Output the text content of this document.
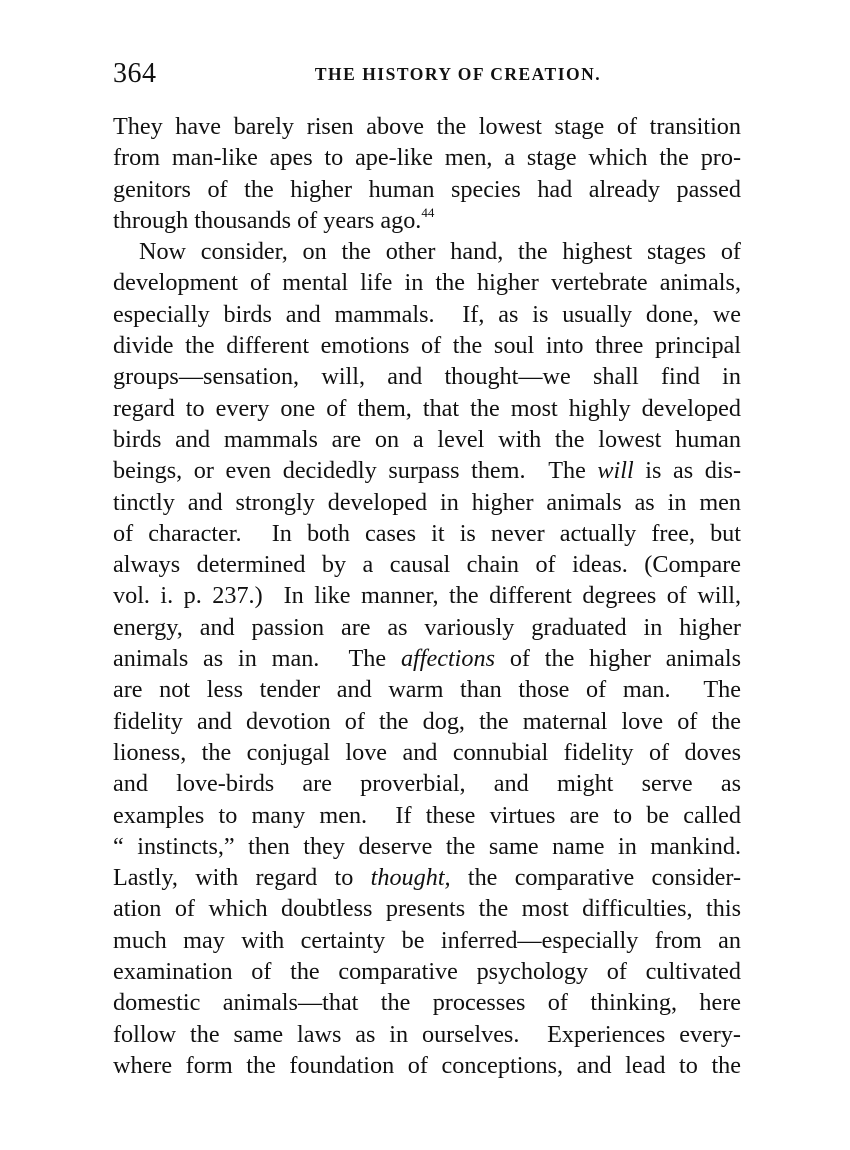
364	THE HISTORY OF CREATION.
They have barely risen above the lowest stage of transition
from man-like apes to ape-like men, a stage which the pro-
genitors of the higher human species had already passed
through thousands of years ago.$^{44}$
Now consider, on the other hand, the highest stages of
development of mental life in the higher vertebrate animals,
especially birds and mammals.  If, as is usually done, we
divide the different emotions of the soul into three principal
groups—sensation, will, and thought—we shall find in
regard to every one of them, that the most highly developed
birds and mammals are on a level with the lowest human
beings, or even decidedly surpass them.  The will is as dis-
tinctly and strongly developed in higher animals as in men
of character.  In both cases it is never actually free, but
always determined by a causal chain of ideas. (Compare
vol. i. p. 237.)  In like manner, the different degrees of will,
energy, and passion are as variously graduated in higher
animals as in man.  The affections of the higher animals
are not less tender and warm than those of man.  The
fidelity and devotion of the dog, the maternal love of the
lioness, the conjugal love and connubial fidelity of doves
and love-birds are proverbial, and might serve as
examples to many men.  If these virtues are to be called
“ instincts,” then they deserve the same name in mankind.
Lastly, with regard to thought, the comparative consider-
ation of which doubtless presents the most difficulties, this
much may with certainty be inferred—especially from an
examination of the comparative psychology of cultivated
domestic animals—that the processes of thinking, here
follow the same laws as in ourselves.  Experiences every-
where form the foundation of conceptions, and lead to the
